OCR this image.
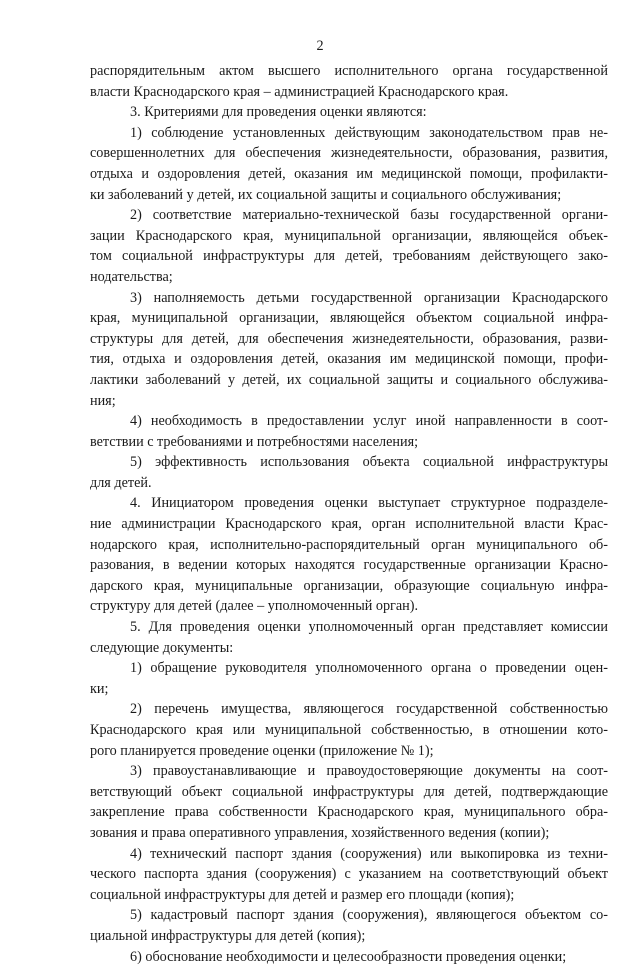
2
распорядительным актом высшего исполнительного органа государственной
власти Краснодарского края – администрацией Краснодарского края.
3. Критериями для проведения оценки являются:
1) соблюдение установленных действующим законодательством прав не-
совершеннолетних для обеспечения жизнедеятельности, образования, развития,
отдыха и оздоровления детей, оказания им медицинской помощи, профилакти-
ки заболеваний у детей, их социальной защиты и социального обслуживания;
2) соответствие материально-технической базы государственной органи-
зации Краснодарского края, муниципальной организации, являющейся объек-
том социальной инфраструктуры для детей, требованиям действующего зако-
нодательства;
3) наполняемость детьми государственной организации Краснодарского
края, муниципальной организации, являющейся объектом социальной инфра-
структуры для детей, для обеспечения жизнедеятельности, образования, разви-
тия, отдыха и оздоровления детей, оказания им медицинской помощи, профи-
лактики заболеваний у детей, их социальной защиты и социального обслужива-
ния;
4) необходимость в предоставлении услуг иной направленности в соот-
ветствии с требованиями и потребностями населения;
5) эффективность использования объекта социальной инфраструктуры
для детей.
4. Инициатором проведения оценки выступает структурное подразделе-
ние администрации Краснодарского края, орган исполнительной власти Крас-
нодарского края, исполнительно-распорядительный орган муниципального об-
разования, в ведении которых находятся государственные организации Красно-
дарского края, муниципальные организации, образующие социальную инфра-
структуру для детей (далее – уполномоченный орган).
5. Для проведения оценки уполномоченный орган представляет комиссии
следующие документы:
1) обращение руководителя уполномоченного органа о проведении оцен-
ки;
2) перечень имущества, являющегося государственной собственностью
Краснодарского края или муниципальной собственностью, в отношении кото-
рого планируется проведение оценки (приложение № 1);
3) правоустанавливающие и правоудостоверяющие документы на соот-
ветствующий объект социальной инфраструктуры для детей, подтверждающие
закрепление права собственности Краснодарского края, муниципального обра-
зования и права оперативного управления, хозяйственного ведения (копии);
4) технический паспорт здания (сооружения) или выкопировка из техни-
ческого паспорта здания (сооружения) с указанием на соответствующий объект
социальной инфраструктуры для детей и размер его площади (копия);
5) кадастровый паспорт здания (сооружения), являющегося объектом со-
циальной инфраструктуры для детей (копия);
6) обоснование необходимости и целесообразности проведения оценки;
